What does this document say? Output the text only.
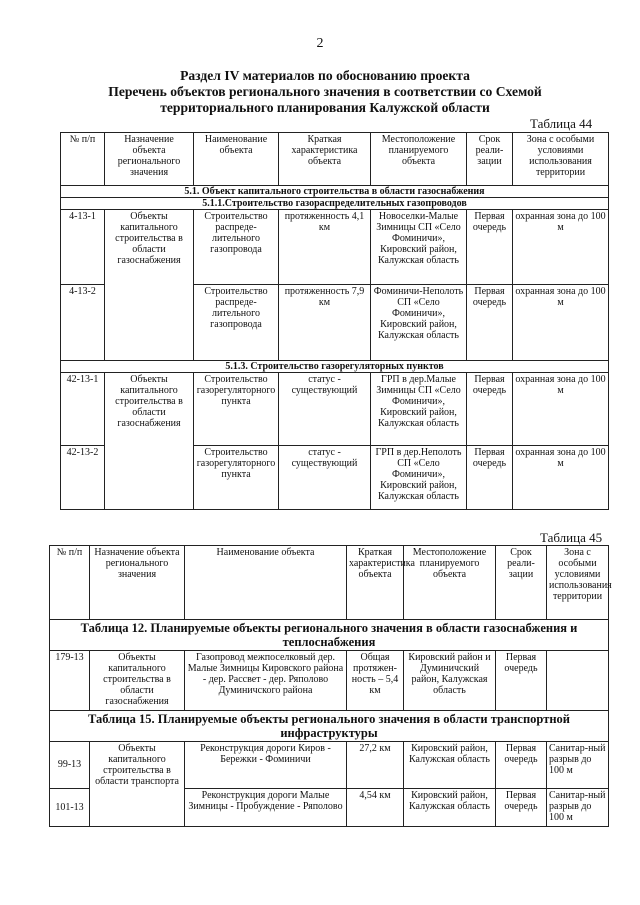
2
Раздел IV материалов по обоснованию проекта
Перечень объектов регионального значения в соответствии со Схемой
территориального планирования Калужской области
Таблица 44
№ п/п	Назначение объекта регионального значения	Наименование объекта	Краткая характеристика объекта	Местоположение планируемого объекта	Срок реали-зации	Зона с особыми условиями использования территории
5.1. Объект капитального строительства в области газоснабжения						
5.1.1.Строительство газораспределительных газопроводов						
4-13-1	Объекты капитального строительства в области газоснабжения	Строительство распреде-лительного газопровода	протяженность 4,1 км	Новоселки-Малые Зимницы СП «Село Фоминичи», Кировский район, Калужская область	Первая очередь	охранная зона до 100 м
4-13-2		Строительство распреде-лительного газопровода	протяженность 7,9 км	Фоминичи-Неполоть СП «Село Фоминичи», Кировский район, Калужская область	Первая очередь	охранная зона до 100 м
5.1.3. Строительство газорегуляторных пунктов						
42-13-1	Объекты капитального строительства в области газоснабжения	Строительство газорегуляторного пункта	статус - существующий	ГРП в дер.Малые Зимницы СП «Село Фоминичи», Кировский район, Калужская область	Первая очередь	охранная зона до 100 м
42-13-2		Строительство газорегуляторного пункта	статус - существующий	ГРП в дер.Неполоть СП «Село Фоминичи», Кировский район, Калужская область	Первая очередь	охранная зона до 100 м
Таблица 45
№ п/п	Назначение объекта регионального значения	Наименование объекта	Краткая характеристика объекта	Местоположение планируемого объекта	Срок реали-зации	Зона с особыми условиями использования территории
Таблица 12. Планируемые объекты регионального значения в области газоснабжения и теплоснабжения						
179-13	Объекты капитального строительства в области газоснабжения	Газопровод межпоселковый дер. Малые Зимницы Кировского района - дер. Рассвет - дер. Ряполово Думиничского района	Общая протяжен-ность – 5,4 км	Кировский район и Думиничский район, Калужская область	Первая очередь	
Таблица 15. Планируемые объекты регионального значения в области транспортной инфраструктуры						
99-13	Объекты капитального строительства в области транспорта	Реконструкция дороги Киров - Бережки - Фоминичи	27,2 км	Кировский район, Калужская область	Первая очередь	Санитар-ный разрыв до 100 м
101-13		Реконструкция дороги Малые Зимницы - Пробуждение - Ряполово	4,54 км	Кировский район, Калужская область	Первая очередь	Санитар-ный разрыв до 100 м
